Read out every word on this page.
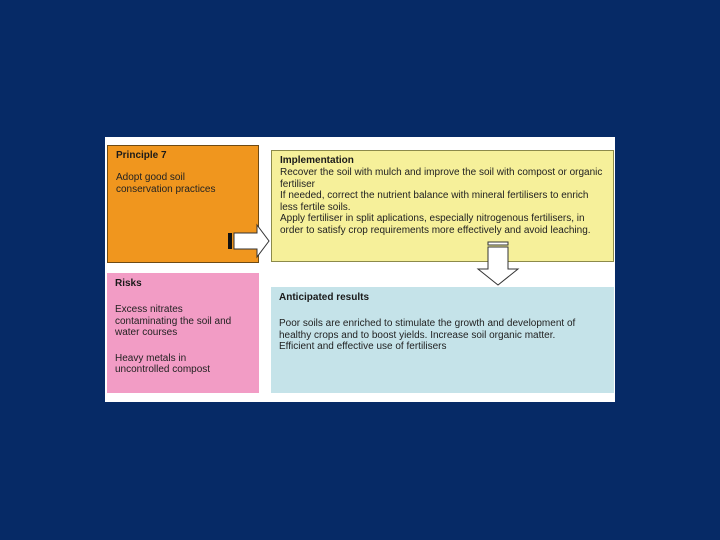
Principle 7
Adopt good soil conservation practices
Implementation
Recover the soil with mulch and improve the soil with compost or organic fertiliser
If needed, correct the nutrient balance with mineral fertilisers to enrich less fertile soils.
Apply fertiliser in split aplications, especially nitrogenous fertilisers, in order to satisfy crop requirements more effectively and avoid leaching.
Risks
Excess nitrates contaminating the soil and water courses
Heavy metals in uncontrolled compost
Anticipated results
Poor soils are enriched to stimulate the growth and development of healthy crops and to boost yields. Increase soil organic matter.
Efficient and effective use of fertilisers
